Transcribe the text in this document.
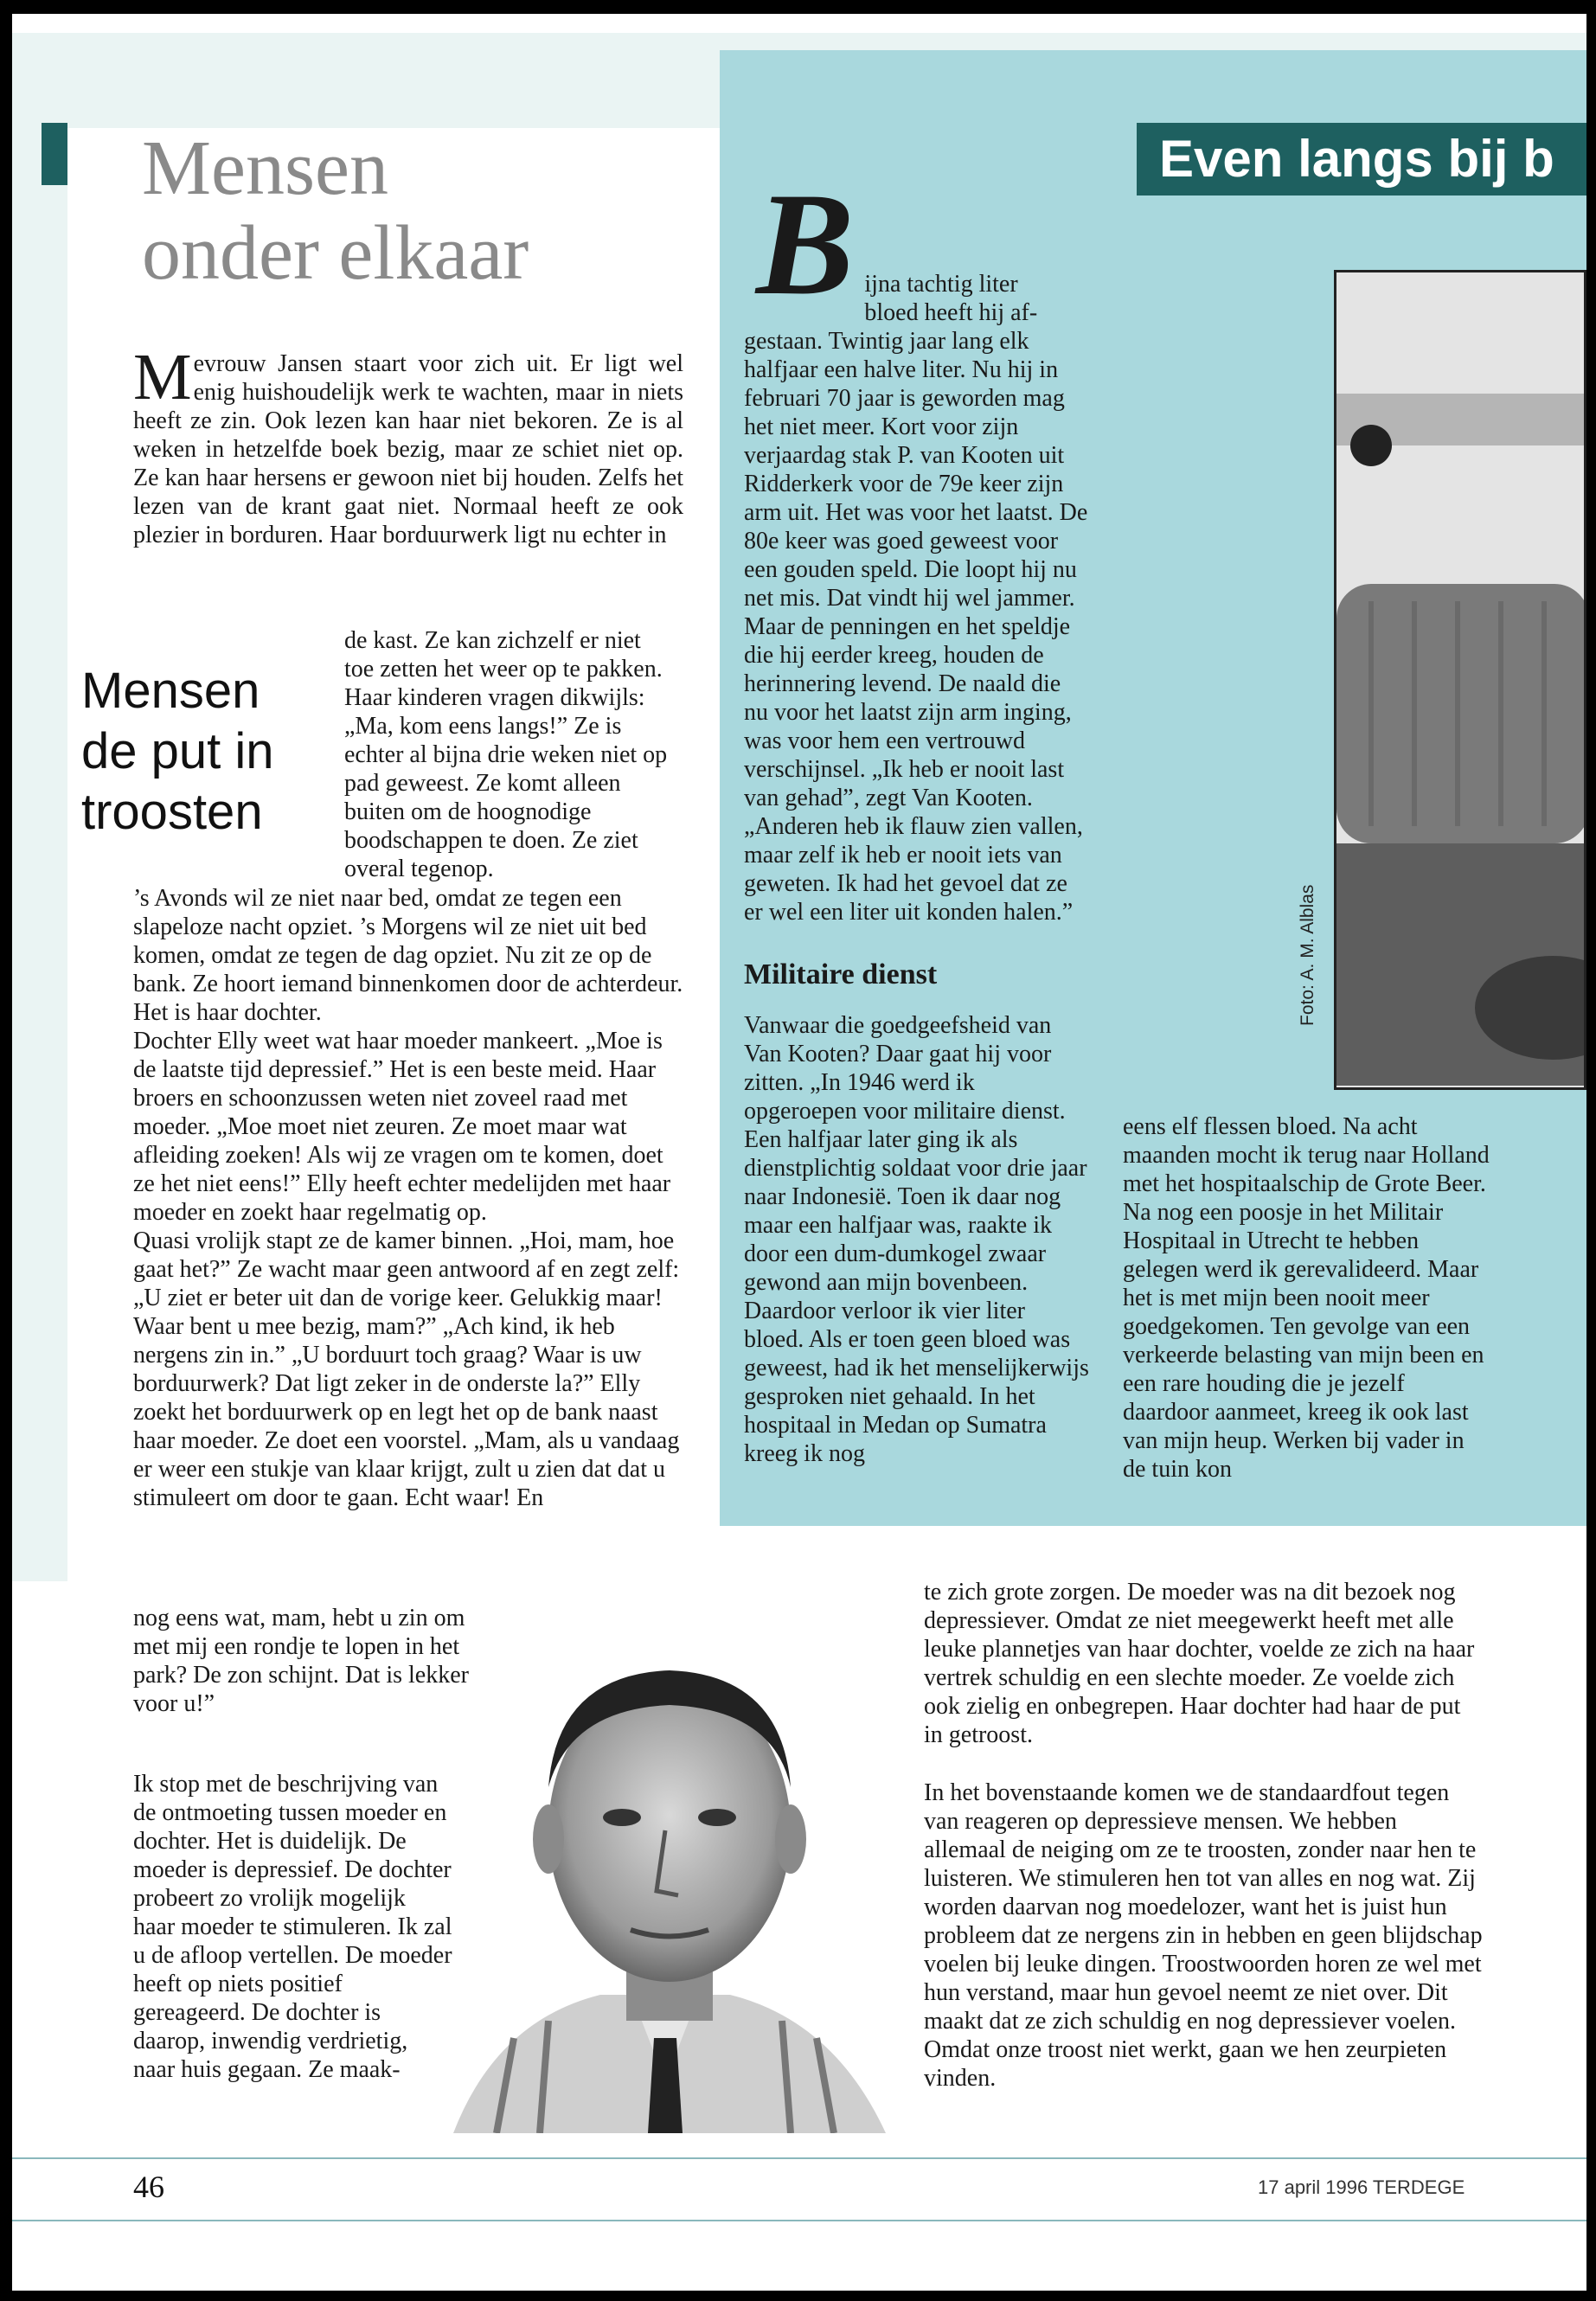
Mensen
onder elkaar
M evrouw Jansen staart voor zich uit. Er ligt wel enig huishoudelijk werk te wachten, maar in niets heeft ze zin. Ook lezen kan haar niet bekoren. Ze is al weken in hetzelfde boek bezig, maar ze schiet niet op. Ze kan haar hersens er gewoon niet bij houden. Zelfs het lezen van de krant gaat niet. Normaal heeft ze ook plezier in borduren. Haar borduurwerk ligt nu echter in
Mensen
de put in
troosten

de kast. Ze kan zichzelf er niet toe zetten het weer op te pakken. Haar kinderen vragen dikwijls: „Ma, kom eens langs!” Ze is echter al bijna drie weken niet op pad geweest. Ze komt alleen buiten om de hoognodige boodschappen te doen. Ze ziet overal tegenop.

’s Avonds wil ze niet naar bed, omdat ze tegen een slapeloze nacht opziet. ’s Morgens wil ze niet uit bed komen, omdat ze tegen de dag opziet. Nu zit ze op de bank. Ze hoort iemand binnenkomen door de achterdeur. Het is haar dochter.

Dochter Elly weet wat haar moeder mankeert. „Moe is de laatste tijd depressief.” Het is een beste meid. Haar broers en schoonzussen weten niet zoveel raad met moeder. „Moe moet niet zeuren. Ze moet maar wat afleiding zoeken! Als wij ze vragen om te komen, doet ze het niet eens!” Elly heeft echter medelijden met haar moeder en zoekt haar regelmatig op.

Quasi vrolijk stapt ze de kamer binnen. „Hoi, mam, hoe gaat het?” Ze wacht maar geen antwoord af en zegt zelf: „U ziet er beter uit dan de vorige keer. Gelukkig maar! Waar bent u mee bezig, mam?” „Ach kind, ik heb nergens zin in.” „U borduurt toch graag? Waar is uw borduurwerk? Dat ligt zeker in de onderste la?” Elly zoekt het borduurwerk op en legt het op de bank naast haar moeder. Ze doet een voorstel. „Mam, als u vandaag er weer een stukje van klaar krijgt, zult u zien dat dat u stimuleert om door te gaan. Echt waar! En

nog eens wat, mam, hebt u zin om met mij een rondje te lopen in het park? De zon schijnt. Dat is lekker voor u!”

Ik stop met de beschrijving van de ontmoeting tussen moeder en dochter. Het is duidelijk. De moeder is depressief. De dochter probeert zo vrolijk mogelijk haar moeder te stimuleren. Ik zal u de afloop vertellen. De moeder heeft op niets positief gereageerd. De dochter is daarop, inwendig verdrietig, naar huis gegaan. Ze maak-

Even langs bij b
B ijna tachtig liter
bloed heeft hij af-

gestaan. Twintig jaar lang elk halfjaar een halve liter. Nu hij in februari 70 jaar is geworden mag het niet meer. Kort voor zijn verjaardag stak P. van Kooten uit Ridderkerk voor de 79e keer zijn arm uit. Het was voor het laatst. De 80e keer was goed geweest voor een gouden speld. Die loopt hij nu net mis. Dat vindt hij wel jammer. Maar de penningen en het speldje die hij eerder kreeg, houden de herinnering levend. De naald die nu voor het laatst zijn arm inging, was voor hem een vertrouwd verschijnsel. „Ik heb er nooit last van gehad”, zegt Van Kooten. „Anderen heb ik flauw zien vallen, maar zelf ik heb er nooit iets van geweten. Ik had het gevoel dat ze er wel een liter uit konden halen.”

Militaire dienst

Vanwaar die goedgeefsheid van Van Kooten? Daar gaat hij voor zitten. „In 1946 werd ik opgeroepen voor militaire dienst. Een halfjaar later ging ik als dienstplichtig soldaat voor drie jaar naar Indonesië. Toen ik daar nog maar een halfjaar was, raakte ik door een dum-dumkogel zwaar gewond aan mijn bovenbeen. Daardoor verloor ik vier liter bloed. Als er toen geen bloed was geweest, had ik het menselijkerwijs gesproken niet gehaald. In het hospitaal in Medan op Sumatra kreeg ik nog

Foto: A. M. Alblas

eens elf flessen bloed. Na acht maanden mocht ik terug naar Holland met het hospitaalschip de Grote Beer. Na nog een poosje in het Militair Hospitaal in Utrecht te hebben gelegen werd ik gerevalideerd. Maar het is met mijn been nooit meer goedgekomen. Ten gevolge van een verkeerde belasting van mijn been en een rare houding die je jezelf daardoor aanmeet, kreeg ik ook last van mijn heup. Werken bij vader in de tuin kon

te zich grote zorgen. De moeder was na dit bezoek nog depressiever. Omdat ze niet meegewerkt heeft met alle leuke plannetjes van haar dochter, voelde ze zich na haar vertrek schuldig en een slechte moeder. Ze voelde zich ook zielig en onbegrepen. Haar dochter had haar de put in getroost.

In het bovenstaande komen we de standaardfout tegen van reageren op depressieve mensen. We hebben allemaal de neiging om ze te troosten, zonder naar hen te luisteren. We stimuleren hen tot van alles en nog wat. Zij worden daarvan nog moedelozer, want het is juist hun probleem dat ze nergens zin in hebben en geen blijdschap voelen bij leuke dingen. Troostwoorden horen ze wel met hun verstand, maar hun gevoel neemt ze niet over. Dit maakt dat ze zich schuldig en nog depressiever voelen. Omdat onze troost niet werkt, gaan we hen zeurpieten vinden.

46	17 april 1996 TERDEGE
